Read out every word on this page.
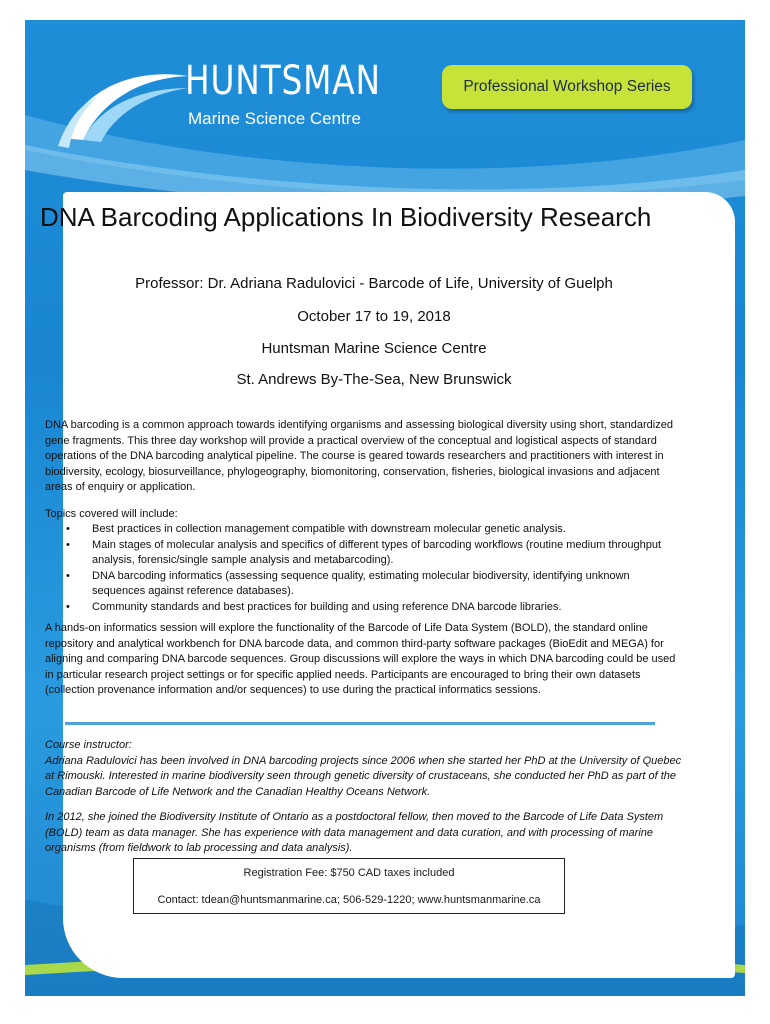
HUNTSMAN
Marine Science Centre
Professional Workshop Series
DNA Barcoding Applications In Biodiversity Research
Professor: Dr. Adriana Radulovici - Barcode of Life, University of Guelph
October 17 to 19, 2018
Huntsman Marine Science Centre
St. Andrews By-The-Sea, New Brunswick

DNA barcoding is a common approach towards identifying organisms and assessing biological diversity using short, standardized gene fragments. This three day workshop will provide a practical overview of the conceptual and logistical aspects of standard operations of the DNA barcoding analytical pipeline. The course is geared towards researchers and practitioners with interest in biodiversity, ecology, biosurveillance, phylogeography, biomonitoring, conservation, fisheries, biological invasions and adjacent areas of enquiry or application.

Topics covered will include:

• Best practices in collection management compatible with downstream molecular genetic analysis.
• Main stages of molecular analysis and specifics of different types of barcoding workflows (routine medium throughput analysis, forensic/single sample analysis and metabarcoding).
• DNA barcoding informatics (assessing sequence quality, estimating molecular biodiversity, identifying unknown sequences against reference databases).
• Community standards and best practices for building and using reference DNA barcode libraries.

A hands-on informatics session will explore the functionality of the Barcode of Life Data System (BOLD), the standard online repository and analytical workbench for DNA barcode data, and common third-party software packages (BioEdit and MEGA) for aligning and comparing DNA barcode sequences. Group discussions will explore the ways in which DNA barcoding could be used in particular research project settings or for specific applied needs. Participants are encouraged to bring their own datasets (collection provenance information and/or sequences) to use during the practical informatics sessions.

Course instructor:

Adriana Radulovici has been involved in DNA barcoding projects since 2006 when she started her PhD at the University of Quebec at Rimouski. Interested in marine biodiversity seen through genetic diversity of crustaceans, she conducted her PhD as part of the Canadian Barcode of Life Network and the Canadian Healthy Oceans Network.

In 2012, she joined the Biodiversity Institute of Ontario as a postdoctoral fellow, then moved to the Barcode of Life Data System (BOLD) team as data manager. She has experience with data management and data curation, and with processing of marine organisms (from fieldwork to lab processing and data analysis).

Registration Fee: $750 CAD taxes included
Contact: tdean@huntsmanmarine.ca; 506-529-1220; www.huntsmanmarine.ca
